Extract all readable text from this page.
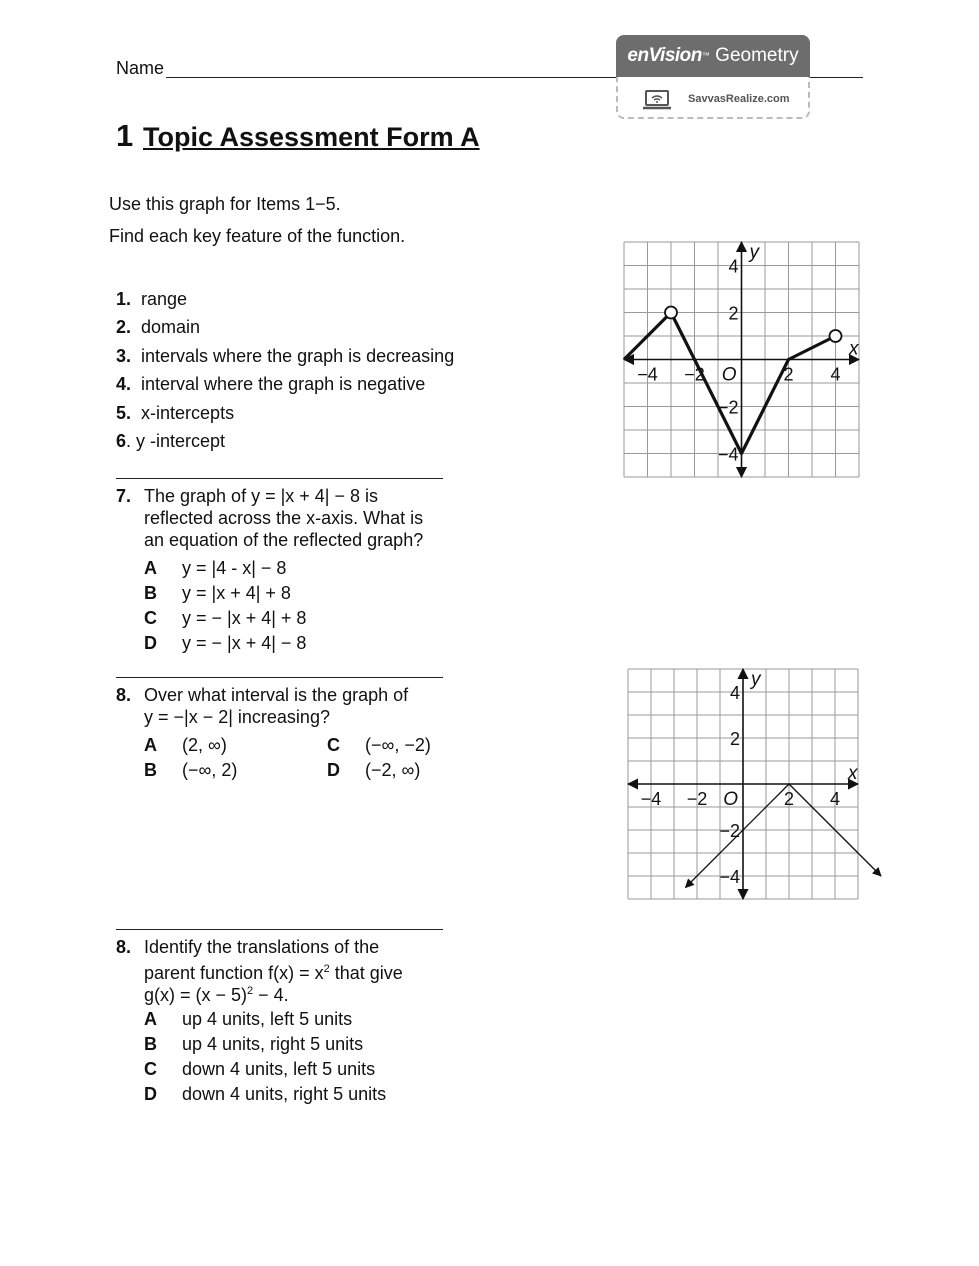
Name
enVision™ Geometry
SavvasRealize.com
1 Topic Assessment Form A
Use this graph for Items 1−5.
Find each key feature of the function.
1. range
2. domain
3. intervals where the graph is decreasing
4. interval where the graph is negative
5. x-intercepts
6. y -intercept
7. The graph of y = |x + 4| − 8 is
reflected across the x-axis. What is
an equation of the reflected graph?
A y = |4 - x| − 8
B y = |x + 4| + 8
C y = − |x + 4| + 8
D y = − |x + 4| − 8
8. Over what interval is the graph of
y = −|x − 2| increasing?
A (2, ∞)
B (−∞, 2)
C (−∞, −2)
D (−2, ∞)
8. Identify the translations of the
parent function $f(x) = x^2$ that give
$g(x) = (x - 5)^2 - 4$.
A up 4 units, left 5 units
B up 4 units, right 5 units
C down 4 units, left 5 units
D down 4 units, right 5 units
−4 −2	2 4
4
2
−2
−4
O
x
y
−4 −2	2 4
4
2
−2
−4
O
x
y
